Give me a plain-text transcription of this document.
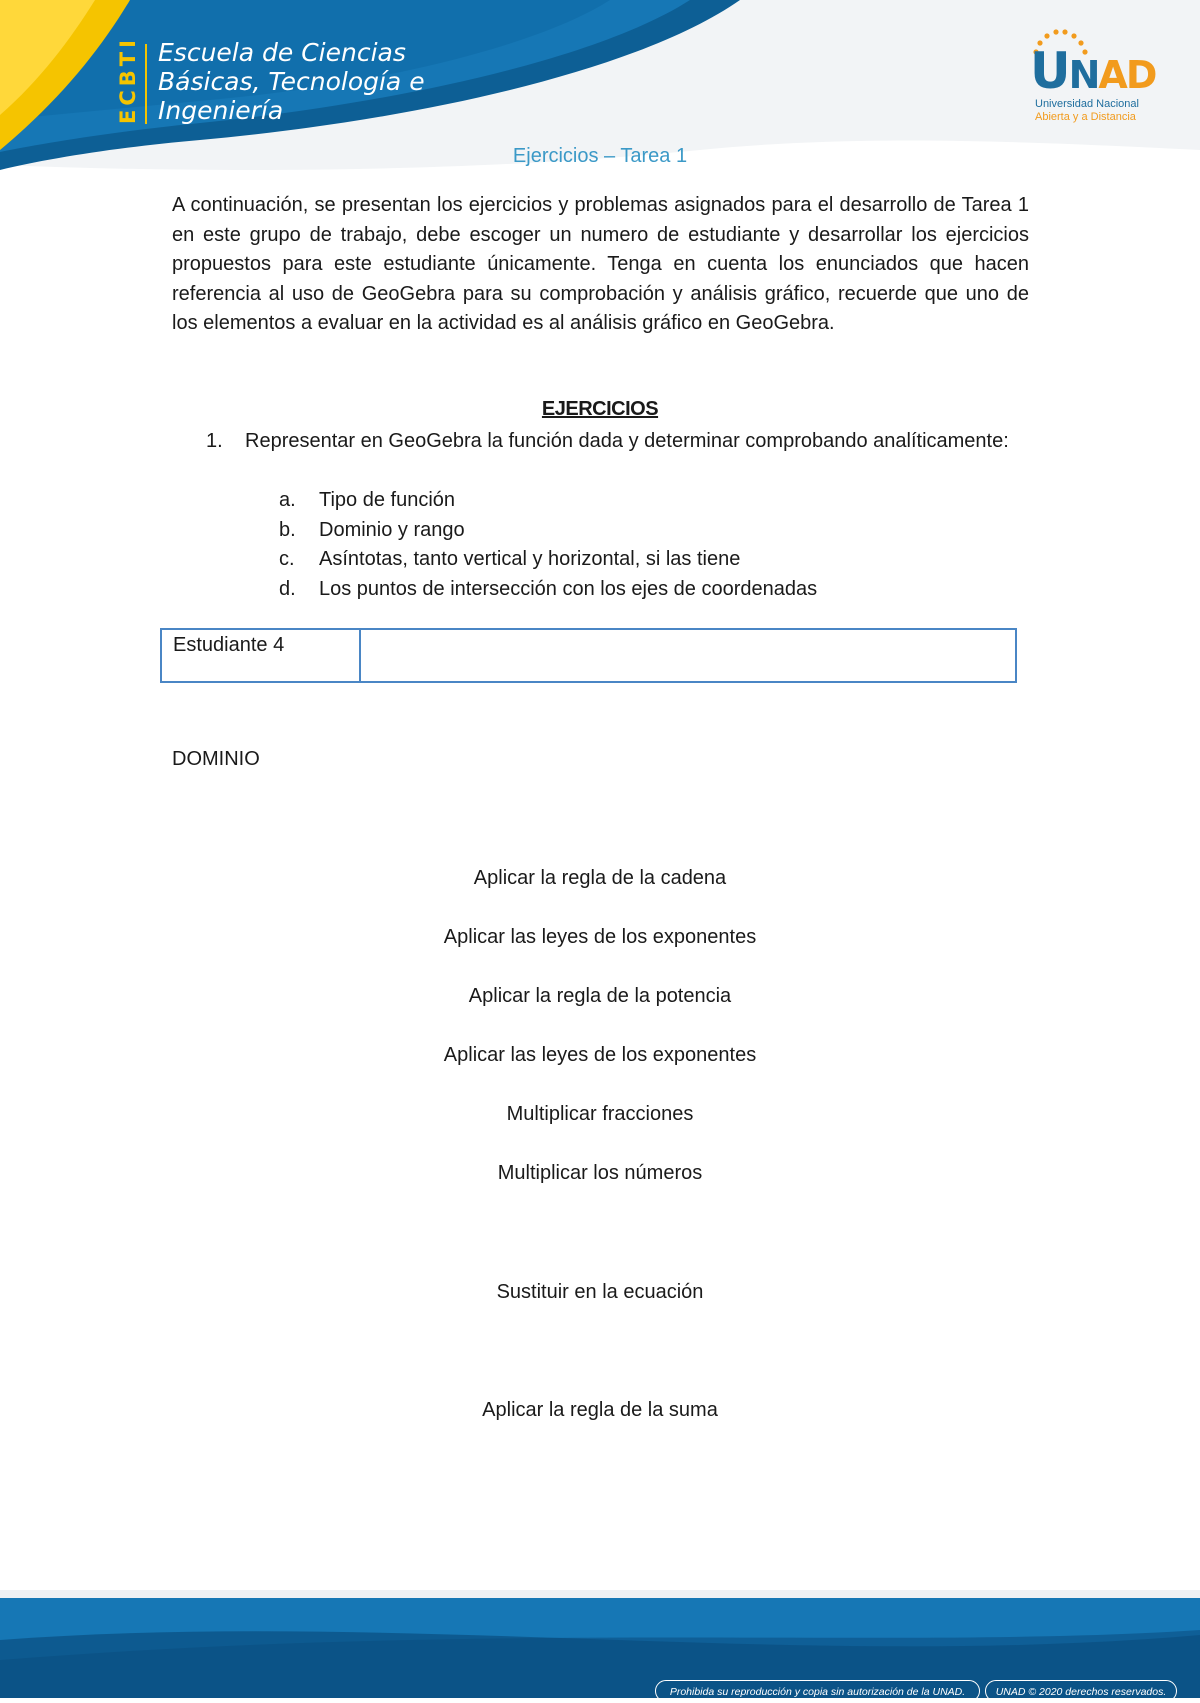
ECBTI Escuela de Ciencias
Básicas, Tecnología e
Ingeniería
UNAD
Universidad Nacional
Abierta y a Distancia
Ejercicios – Tarea 1
A continuación, se presentan los ejercicios y problemas asignados para el desarrollo de Tarea 1 en este grupo de trabajo, debe escoger un numero de estudiante y desarrollar los ejercicios propuestos para este estudiante únicamente. Tenga en cuenta los enunciados que hacen referencia al uso de GeoGebra para su comprobación y análisis gráfico, recuerde que uno de los elementos a evaluar en la actividad es al análisis gráfico en GeoGebra.
EJERCICIOS
1.	Representar en GeoGebra la función dada y determinar comprobando analíticamente:
a. Tipo de función
b. Dominio y rango
c. Asíntotas, tanto vertical y horizontal, si las tiene
d. Los puntos de intersección con los ejes de coordenadas
Estudiante 4
DOMINIO
Aplicar la regla de la cadena
Aplicar las leyes de los exponentes
Aplicar la regla de la potencia
Aplicar las leyes de los exponentes
Multiplicar fracciones
Multiplicar los números
Sustituir en la ecuación
Aplicar la regla de la suma
Prohibida su reproducción y copia sin autorización de la UNAD.	UNAD © 2020 derechos reservados.
